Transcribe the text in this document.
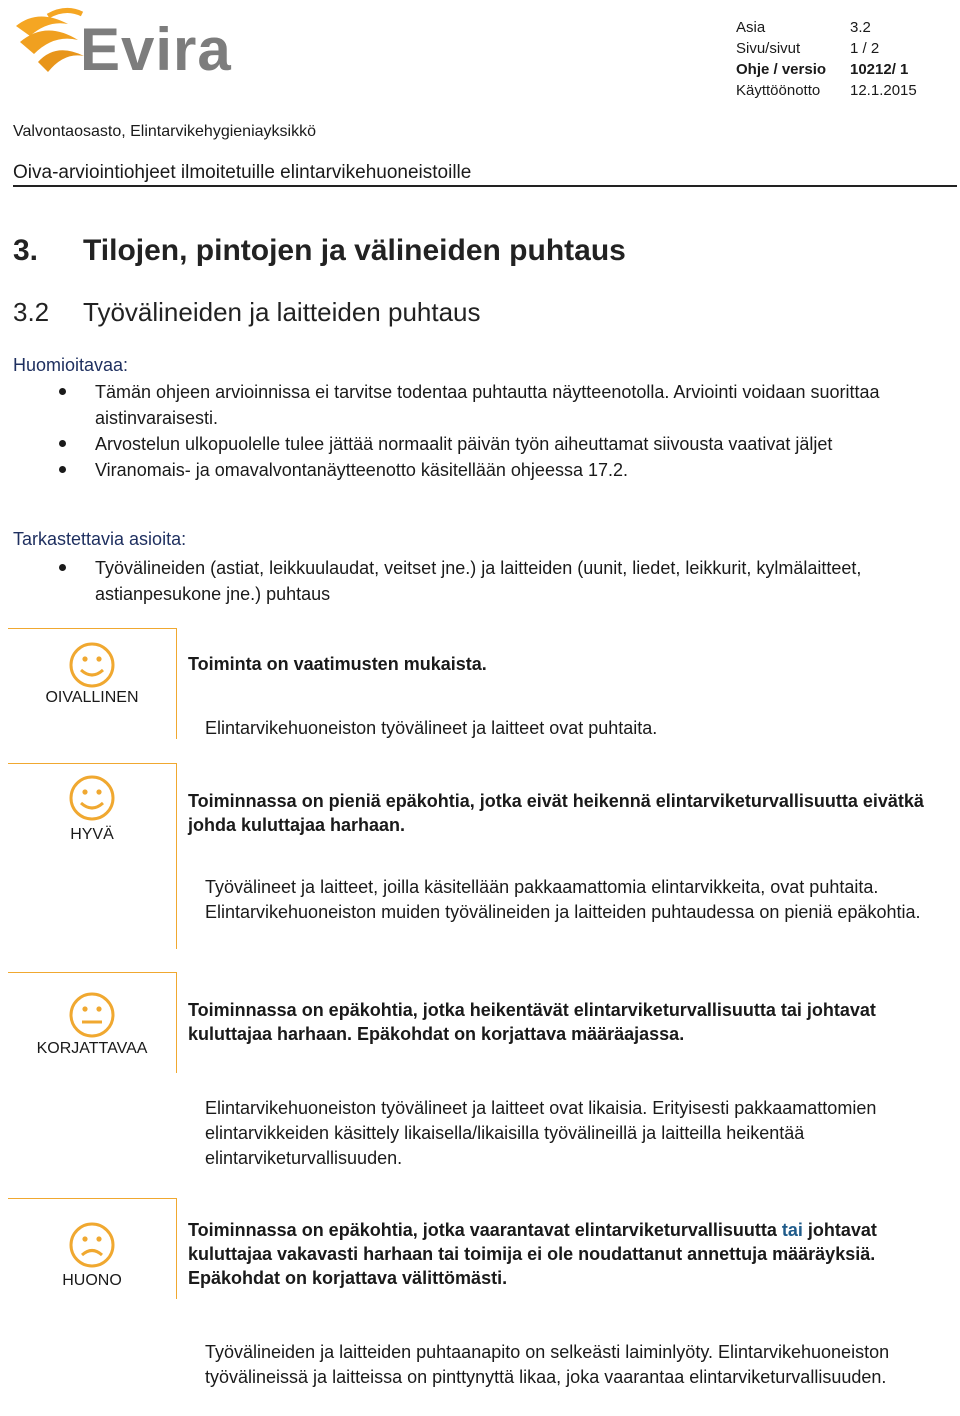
Evira	Asia	3.2
Sivu/sivut	1 / 2
Ohje / versio	10212/ 1
Käyttöönotto	12.1.2015
Valvontaosasto, Elintarvikehygieniayksikkö
Oiva-arviointiohjeet ilmoitetuille elintarvikehuoneistoille
3. Tilojen, pintojen ja välineiden puhtaus
3.2 Työvälineiden ja laitteiden puhtaus
Huomioitavaa:
Tämän ohjeen arvioinnissa ei tarvitse todentaa puhtautta näytteenotolla. Arviointi voidaan suorittaa aistinvaraisesti.
Arvostelun ulkopuolelle tulee jättää normaalit päivän työn aiheuttamat siivousta vaativat jäljet
Viranomais- ja omavalvontanäytteenotto käsitellään ohjeessa 17.2.
Tarkastettavia asioita:
Työvälineiden (astiat, leikkuulaudat, veitset jne.) ja laitteiden (uunit, liedet, leikkurit, kylmälaitteet, astianpesukone jne.) puhtaus
OIVALLINEN
Toiminta on vaatimusten mukaista.
Elintarvikehuoneiston työvälineet ja laitteet ovat puhtaita.
HYVÄ
Toiminnassa on pieniä epäkohtia, jotka eivät heikennä elintarviketurvallisuutta eivätkä johda kuluttajaa harhaan.
Työvälineet ja laitteet, joilla käsitellään pakkaamattomia elintarvikkeita, ovat puhtaita. Elintarvikehuoneiston muiden työvälineiden ja laitteiden puhtaudessa on pieniä epäkohtia.
KORJATTAVAA
Toiminnassa on epäkohtia, jotka heikentävät elintarviketurvallisuutta tai johtavat kuluttajaa harhaan. Epäkohdat on korjattava määräajassa.
Elintarvikehuoneiston työvälineet ja laitteet ovat likaisia. Erityisesti pakkaamattomien elintarvikkeiden käsittely likaisella/likaisilla työvälineillä ja laitteilla heikentää elintarviketurvallisuuden.
HUONO
Toiminnassa on epäkohtia, jotka vaarantavat elintarviketurvallisuutta tai johtavat kuluttajaa vakavasti harhaan tai toimija ei ole noudattanut annettuja määräyksiä. Epäkohdat on korjattava välittömästi.
Työvälineiden ja laitteiden puhtaanapito on selkeästi laiminlyöty. Elintarvikehuoneiston työvälineissä ja laitteissa on pinttynyttä likaa, joka vaarantaa elintarviketurvallisuuden.
